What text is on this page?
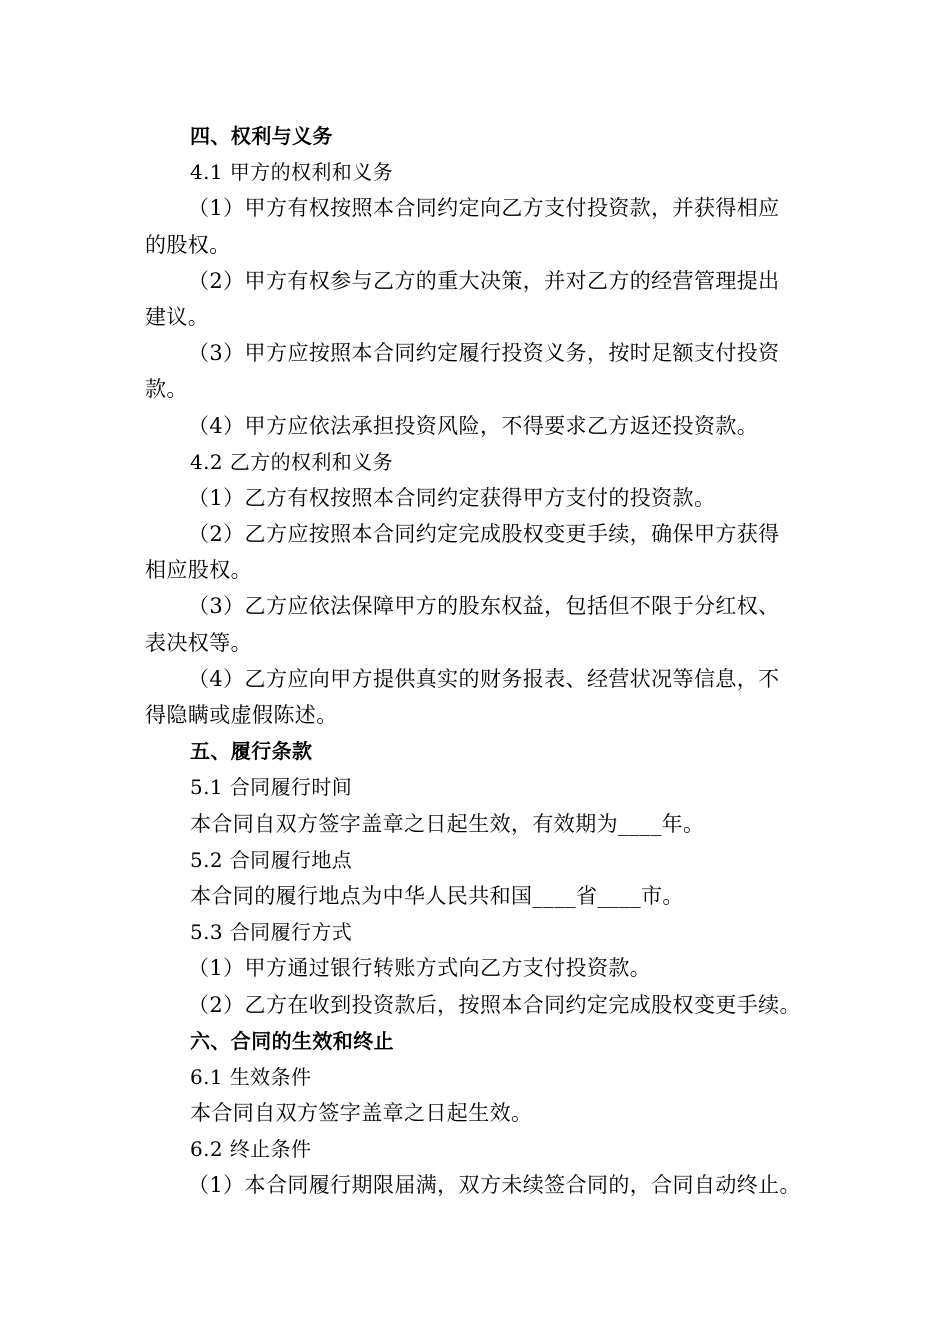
四、权利与义务
4.1 甲方的权利和义务
（1）甲方有权按照本合同约定向乙方支付投资款，并获得相应
的股权。
（2）甲方有权参与乙方的重大决策，并对乙方的经营管理提出
建议。
（3）甲方应按照本合同约定履行投资义务，按时足额支付投资
款。
（4）甲方应依法承担投资风险，不得要求乙方返还投资款。
4.2 乙方的权利和义务
（1）乙方有权按照本合同约定获得甲方支付的投资款。
（2）乙方应按照本合同约定完成股权变更手续，确保甲方获得
相应股权。
（3）乙方应依法保障甲方的股东权益，包括但不限于分红权、
表决权等。
（4）乙方应向甲方提供真实的财务报表、经营状况等信息，不
得隐瞒或虚假陈述。
五、履行条款
5.1 合同履行时间
本合同自双方签字盖章之日起生效，有效期为____年。
5.2 合同履行地点
本合同的履行地点为中华人民共和国____省____市。
5.3 合同履行方式
（1）甲方通过银行转账方式向乙方支付投资款。
（2）乙方在收到投资款后，按照本合同约定完成股权变更手续。
六、合同的生效和终止
6.1 生效条件
本合同自双方签字盖章之日起生效。
6.2 终止条件
（1）本合同履行期限届满，双方未续签合同的，合同自动终止。
